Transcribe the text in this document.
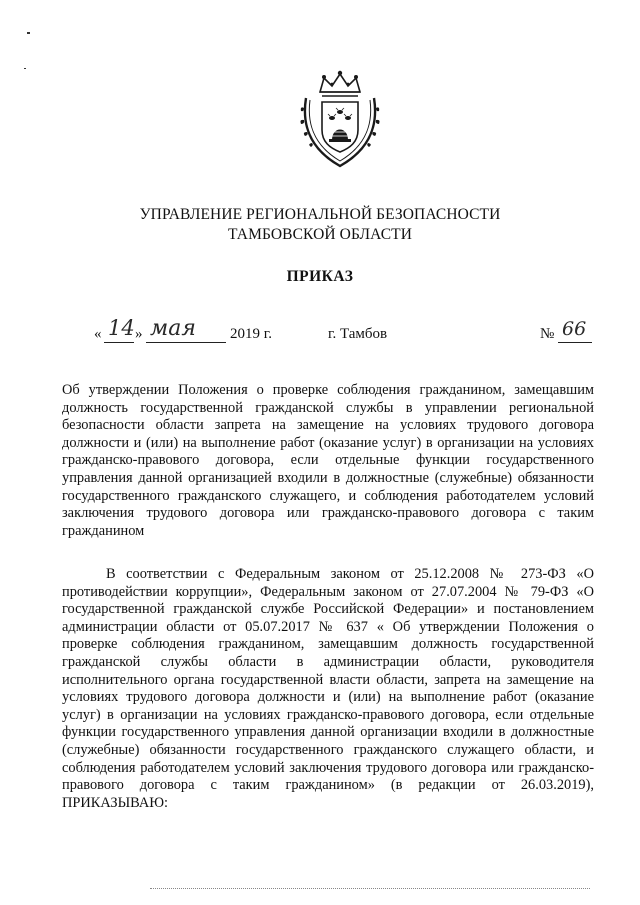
УПРАВЛЕНИЕ РЕГИОНАЛЬНОЙ БЕЗОПАСНОСТИ
ТАМБОВСКОЙ ОБЛАСТИ
ПРИКАЗ
« 14 » мая 2019 г.	г. Тамбов	№ 66
Об утверждении Положения о проверке соблюдения гражданином, замещавшим должность государственной гражданской службы в управлении региональной безопасности области запрета на замещение на условиях трудового договора должности и (или) на выполнение работ (оказание услуг) в организации на условиях гражданско-правового договора, если отдельные функции государственного управления данной организацией входили в должностные (служебные) обязанности государственного гражданского служащего, и соблюдения работодателем условий заключения трудового договора или гражданско-правового договора с таким гражданином

В соответствии с Федеральным законом от 25.12.2008 № 273-ФЗ «О противодействии коррупции», Федеральным законом от 27.07.2004 № 79-ФЗ «О государственной гражданской службе Российской Федерации» и постановлением администрации области от 05.07.2017 № 637 « Об утверждении Положения о проверке соблюдения гражданином, замещавшим должность государственной гражданской службы области в администрации области, руководителя исполнительного органа государственной власти области, запрета на замещение на условиях трудового договора должности и (или) на выполнение работ (оказание услуг) в организации на условиях гражданско-правового договора, если отдельные функции государственного управления данной организации входили в должностные (служебные) обязанности государственного гражданского служащего области, и соблюдения работодателем условий заключения трудового договора или гражданско-правового договора с таким гражданином» (в редакции от 26.03.2019), ПРИКАЗЫВАЮ:
